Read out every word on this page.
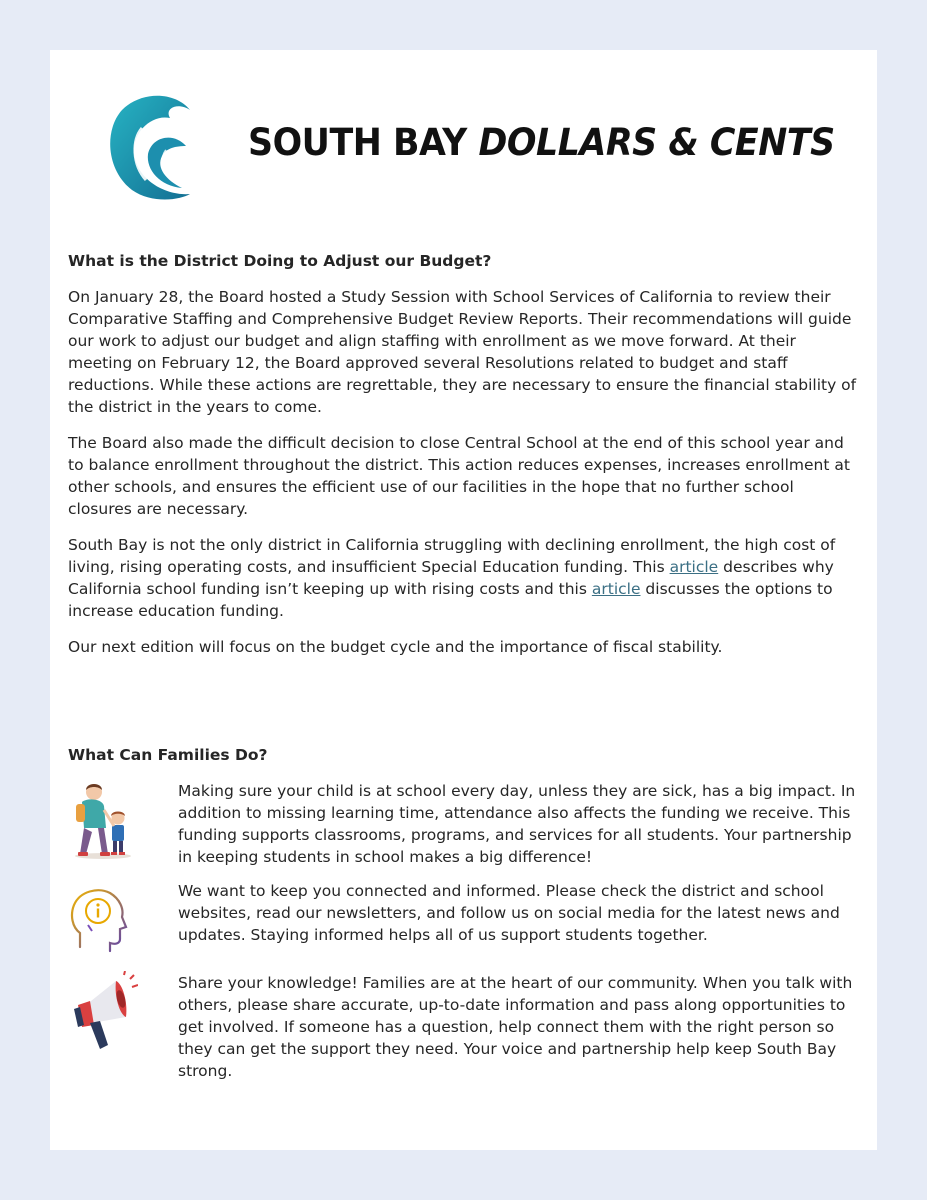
SOUTH BAY DOLLARS & CENTS
What is the District Doing to Adjust our Budget?

On January 28, the Board hosted a Study Session with School Services of California to review their Comparative Staffing and Comprehensive Budget Review Reports. Their recommendations will guide our work to adjust our budget and align staffing with enrollment as we move forward. At their meeting on February 12, the Board approved several Resolutions related to budget and staff reductions. While these actions are regrettable, they are necessary to ensure the financial stability of the district in the years to come.

The Board also made the difficult decision to close Central School at the end of this school year and to balance enrollment throughout the district. This action reduces expenses, increases enrollment at other schools, and ensures the efficient use of our facilities in the hope that no further school closures are necessary.

South Bay is not the only district in California struggling with declining enrollment, the high cost of living, rising operating costs, and insufficient Special Education funding. This article describes why California school funding isn’t keeping up with rising costs and this article discusses the options to increase education funding.

Our next edition will focus on the budget cycle and the importance of fiscal stability.

What Can Families Do?

Making sure your child is at school every day, unless they are sick, has a big impact. In addition to missing learning time, attendance also affects the funding we receive. This funding supports classrooms, programs, and services for all students. Your partnership in keeping students in school makes a big difference!

We want to keep you connected and informed. Please check the district and school websites, read our newsletters, and follow us on social media for the latest news and updates. Staying informed helps all of us support students together.

Share your knowledge! Families are at the heart of our community. When you talk with others, please share accurate, up-to-date information and pass along opportunities to get involved. If someone has a question, help connect them with the right person so they can get the support they need. Your voice and partnership help keep South Bay strong.
